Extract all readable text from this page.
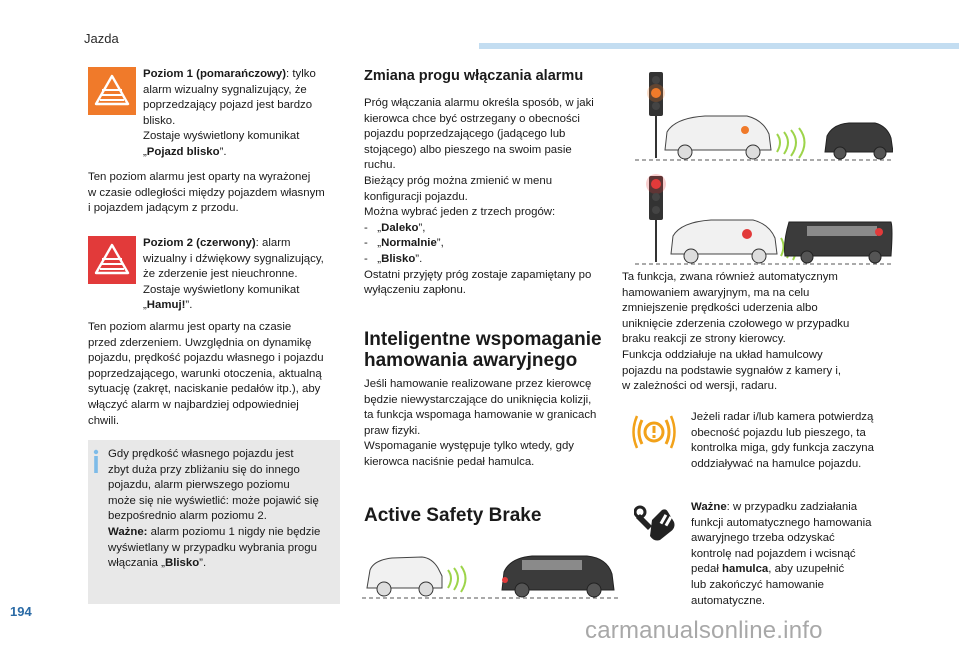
Jazda
Poziom 1 (pomarańczowy): tylko
alarm wizualny sygnalizujący, że
poprzedzający pojazd jest bardzo
blisko.
Zostaje wyświetlony komunikat
„Pojazd blisko”.
Ten poziom alarmu jest oparty na wyrażonej
w czasie odległości między pojazdem własnym
i pojazdem jadącym z przodu.
Poziom 2 (czerwony): alarm
wizualny i dźwiękowy sygnalizujący,
że zderzenie jest nieuchronne.
Zostaje wyświetlony komunikat
„Hamuj!”.
Ten poziom alarmu jest oparty na czasie
przed zderzeniem. Uwzględnia on dynamikę
pojazdu, prędkość pojazdu własnego i pojazdu
poprzedzającego, warunki otoczenia, aktualną
sytuację (zakręt, naciskanie pedałów itp.), aby
włączyć alarm w najbardziej odpowiedniej
chwili.
Gdy prędkość własnego pojazdu jest
zbyt duża przy zbliżaniu się do innego
pojazdu, alarm pierwszego poziomu
może się nie wyświetlić: może pojawić się
bezpośrednio alarm poziomu 2.
Ważne: alarm poziomu 1 nigdy nie będzie
wyświetlany w przypadku wybrania progu
włączania „Blisko”.
Zmiana progu włączania alarmu
Próg włączania alarmu określa sposób, w jaki
kierowca chce być ostrzegany o obecności
pojazdu poprzedzającego (jadącego lub
stojącego) albo pieszego na swoim pasie
ruchu.
Bieżący próg można zmienić w menu
konfiguracji pojazdu.
Można wybrać jeden z trzech progów:
- „Daleko”,
- „Normalnie”,
- „Blisko”.
Ostatni przyjęty próg zostaje zapamiętany po
wyłączeniu zapłonu.
Inteligentne wspomaganie
hamowania awaryjnego
Jeśli hamowanie realizowane przez kierowcę
będzie niewystarczające do uniknięcia kolizji,
ta funkcja wspomaga hamowanie w granicach
praw fizyki.
Wspomaganie występuje tylko wtedy, gdy
kierowca naciśnie pedał hamulca.
Active Safety Brake
Ta funkcja, zwana również automatycznym
hamowaniem awaryjnym, ma na celu
zmniejszenie prędkości uderzenia albo
uniknięcie zderzenia czołowego w przypadku
braku reakcji ze strony kierowcy.
Funkcja oddziałuje na układ hamulcowy
pojazdu na podstawie sygnałów z kamery i,
w zależności od wersji, radaru.
Jeżeli radar i/lub kamera potwierdzą
obecność pojazdu lub pieszego, ta
kontrolka miga, gdy funkcja zaczyna
oddziaływać na hamulce pojazdu.
Ważne: w przypadku zadziałania
funkcji automatycznego hamowania
awaryjnego trzeba odzyskać
kontrolę nad pojazdem i wcisnąć
pedał hamulca, aby uzupełnić
lub zakończyć hamowanie
automatyczne.
194
carmanualsonline.info
